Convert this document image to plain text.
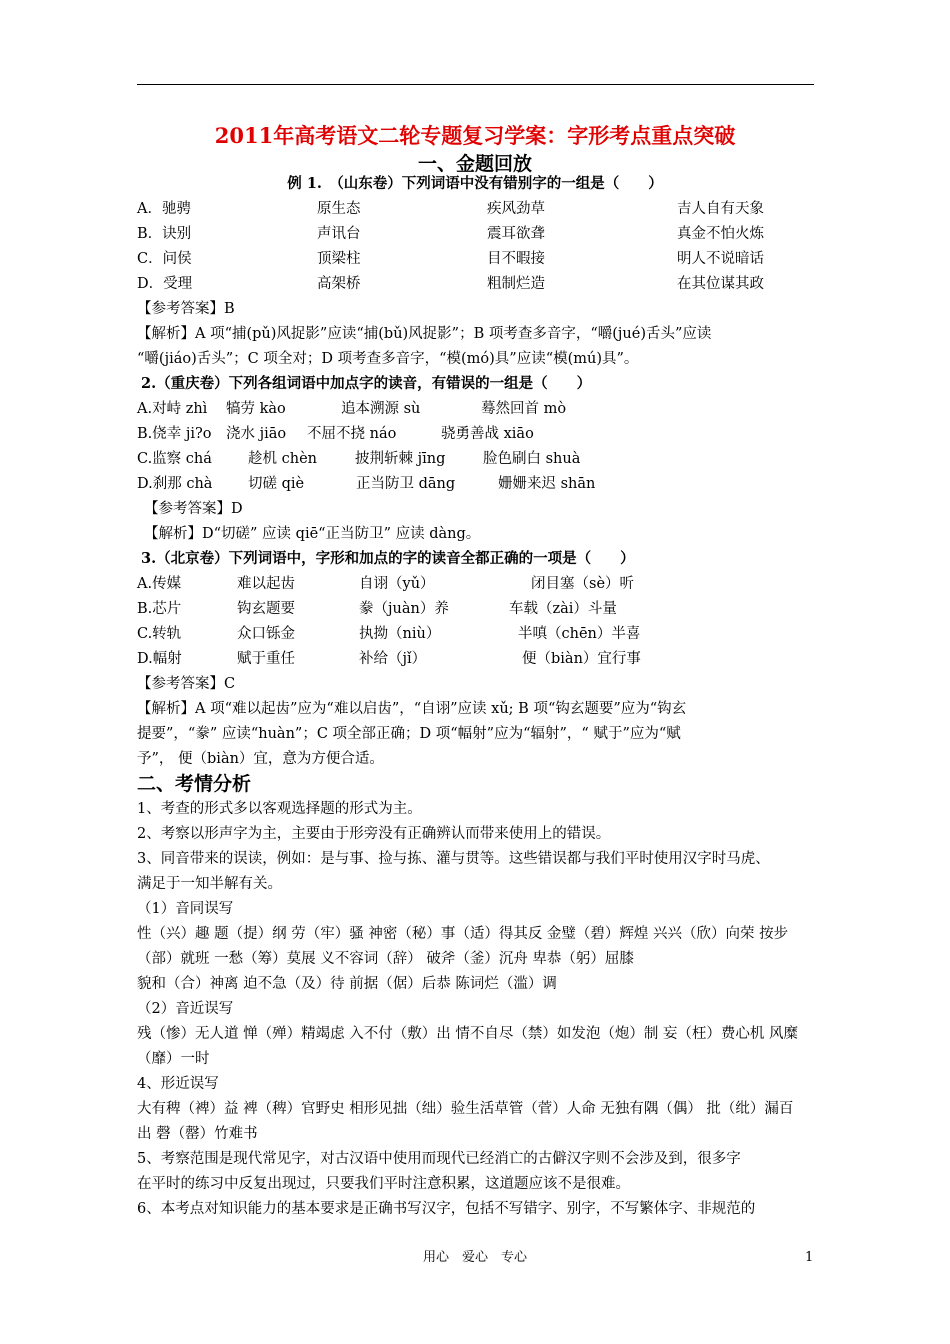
2011年高考语文二轮专题复习学案：字形考点重点突破
一、金题回放
例 1.　（山东卷）下列词语中没有错别字的一组是（　　）
A．驰骋	原生态	疾风劲草	吉人自有天象
B．诀别	声讯台	震耳欲聋	真金不怕火炼
C．问侯	顶梁柱	目不暇接	明人不说暗话
D．受理	高架桥	粗制烂造	在其位谋其政
【参考答案】B
【解析】A 项“捕(pǔ)风捉影”应读“捕(bǔ)风捉影”；B 项考查多音字，“嚼(jué)舌头”应读
“嚼(jiáo)舌头”；C 项全对；D 项考查多音字，“模(mó)具”应读“模(mú)具”。
2.（重庆卷）下列各组词语中加点字的读音，有错误的一组是（　　）
A.对峙 zhì 犒劳 kào	追本溯源 sù	蓦然回首 mò
B.侥幸 ji?o 浇水 jiāo 不屈不挠 náo	骁勇善战 xiāo
C.监察 chá 趁机 chèn	披荆斩棘 jīng	脸色刷白 shuà
D.刹那 chà 切磋 qiè	正当防卫 dāng	姗姗来迟 shān
【参考答案】D
【解析】D“切磋” 应读 qiē“正当防卫” 应读 dàng。
3.（北京卷）下列词语中，字形和加点的字的读音全都正确的一项是（　　）
A.传媒	难以起齿	自诩（yǔ）	闭目塞（sè）听
B.芯片	钩玄题要	豢（juàn）养	车载（zài）斗量
C.转轨	众口铄金	执拗（niù）	半嗔（chēn）半喜
D.幅射	赋于重任	补给（jǐ）	便（biàn）宜行事
【参考答案】C
【解析】A 项“难以起齿”应为“难以启齿”，“自诩”应读 xǔ; B 项“钩玄题要”应为“钩玄
提要”，“豢” 应读“huàn”；C 项全部正确；D 项“幅射”应为“辐射”，“ 赋于”应为“赋
予”， 便（biàn）宜，意为方便合适。
二、考情分析
1、考查的形式多以客观选择题的形式为主。
2、考察以形声字为主，主要由于形旁没有正确辨认而带来使用上的错误。
3、同音带来的误读，例如：是与事、捡与拣、灌与贯等。这些错误都与我们平时使用汉字时马虎、
满足于一知半解有关。
（1）音同误写
性（兴）趣 题（提）纲 劳（牢）骚 神密（秘）事（适）得其反 金璧（碧）辉煌 兴兴（欣）向荣 按步
（部）就班 一愁（筹）莫展 义不容词（辞） 破斧（釜）沉舟 卑恭（躬）屈膝
貌和（合）神离 迫不急（及）待 前据（倨）后恭 陈词烂（滥）调
（2）音近误写
残（惨）无人道 惮（殚）精竭虑 入不付（敷）出 情不自尽（禁）如发泡（炮）制 妄（枉）费心机 风糜
（靡）一时
4、形近误写
大有稗（裨）益 裨（稗）官野史 相形见拙（绌）验生活草管（菅）人命 无独有隅（偶） 批（纰）漏百
出 磬（罄）竹难书
5、考察范围是现代常见字，对古汉语中使用而现代已经消亡的古僻汉字则不会涉及到，很多字
在平时的练习中反复出现过，只要我们平时注意积累，这道题应该不是很难。
6、本考点对知识能力的基本要求是正确书写汉字，包括不写错字、别字，不写繁体字、非规范的
用心　爱心　专心	1
